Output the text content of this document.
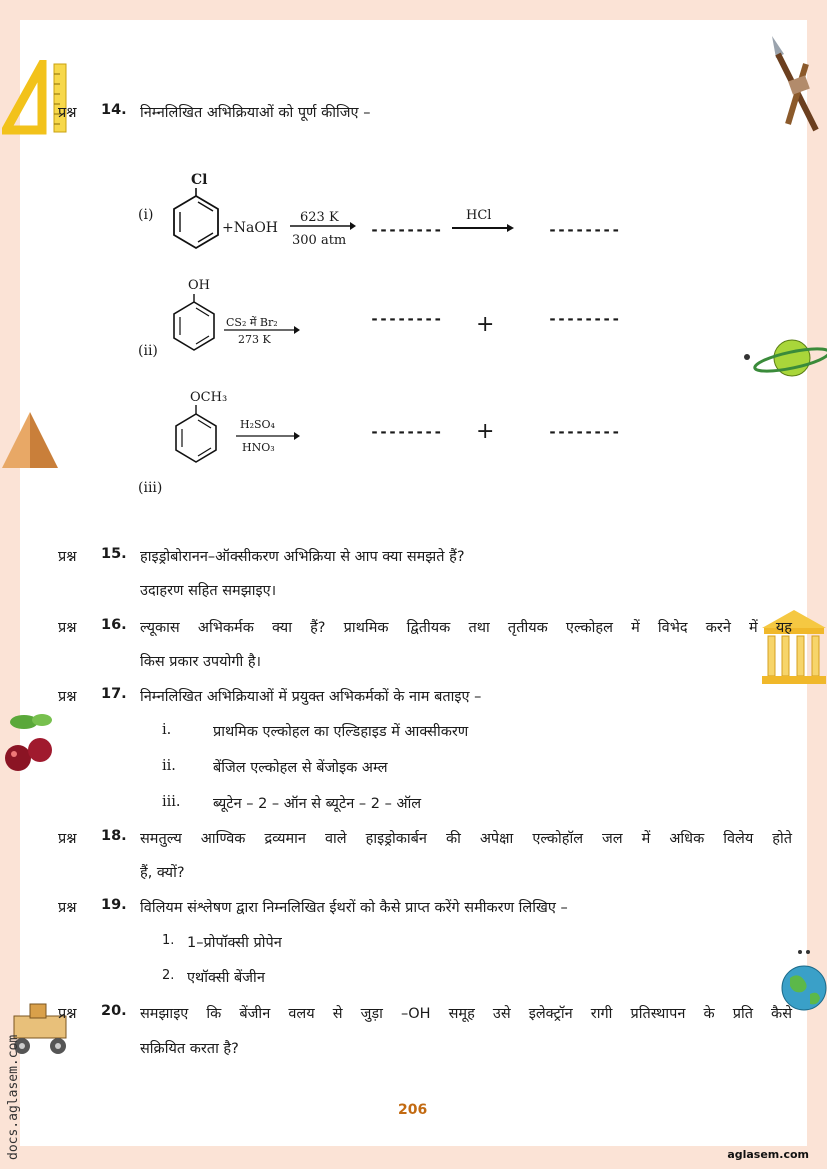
प्रश्न 14. निम्नलिखित अभिक्रियाओं को पूर्ण कीजिए –
(i)
Cl
+NaOH
623 K
300 atm
--------
HCl
--------
OH
(ii)
CS₂ में Br₂
273 K
-------- +	--------
OCH₃
H₂SO₄
HNO₃
-------- +	--------
(iii)
प्रश्न 15. हाइड्रोबोरानन–ऑक्सीकरण अभिक्रिया से आप क्या समझते हैं?
उदाहरण सहित समझाइए।
प्रश्न 16. ल्यूकास अभिकर्मक क्या हैं? प्राथमिक द्वितीयक तथा तृतीयक एल्कोहल में विभेद करने में यह
किस प्रकार उपयोगी है।
प्रश्न 17. निम्नलिखित अभिक्रियाओं में प्रयुक्त अभिकर्मकों के नाम बताइए –
i.	प्राथमिक एल्कोहल का एल्डिहाइड में आक्सीकरण
ii.	बेंजिल एल्कोहल से बेंजोइक अम्ल
iii. ब्यूटेन – 2 – ऑन से ब्यूटेन – 2 – ऑल
प्रश्न 18. समतुल्य आण्विक द्रव्यमान वाले हाइड्रोकार्बन की अपेक्षा एल्कोहॉल जल में अधिक विलेय होते
हैं, क्यों?
प्रश्न 19. विलियम संश्लेषण द्वारा निम्नलिखित ईथरों को कैसे प्राप्त करेंगे समीकरण लिखिए –
1. 1–प्रोपॉक्सी प्रोपेन
2. एथॉक्सी बेंजीन
प्रश्न 20. समझाइए कि बेंजीन वलय से जुड़ा –OH समूह उसे इलेक्ट्रॉन रागी प्रतिस्थापन के प्रति कैसे
सक्रियित करता है?
206
aglasem.com
docs.aglasem.com
